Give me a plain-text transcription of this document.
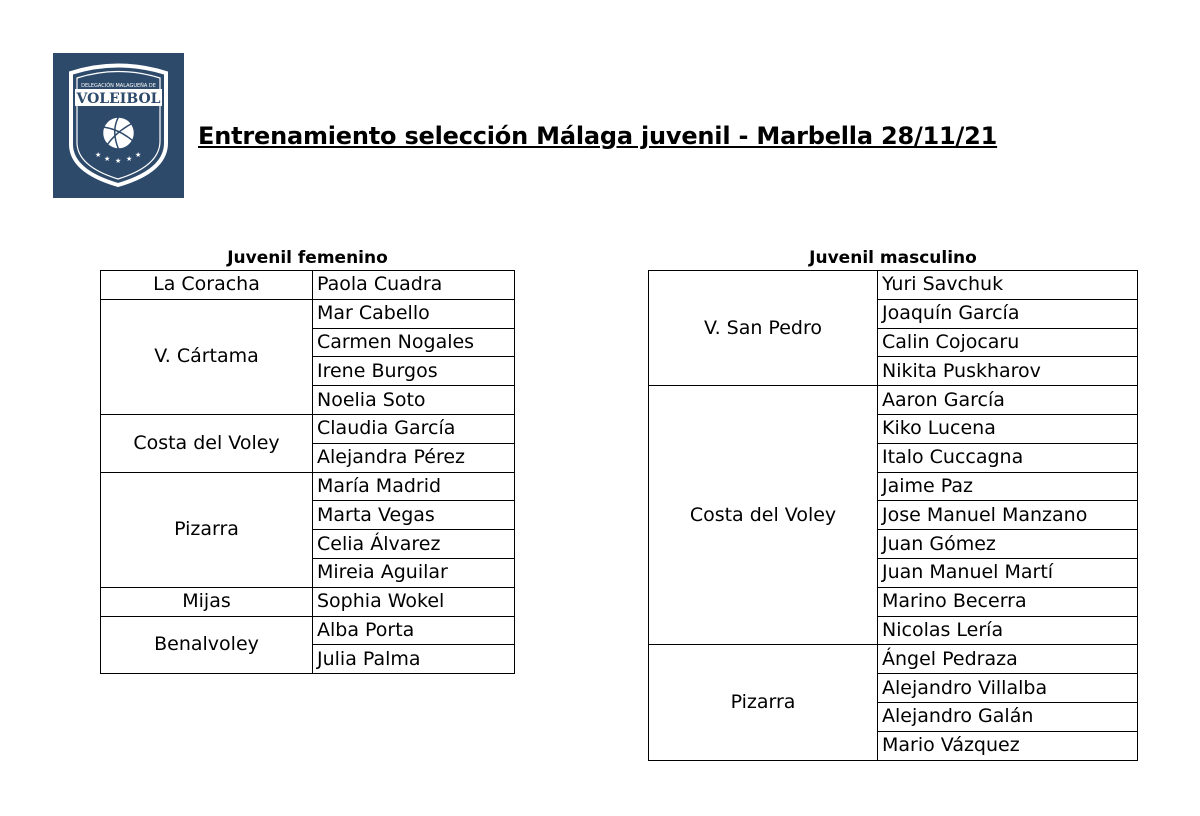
DELEGACIÓN MALAGUEÑA DE
VOLEIBOL
★ ★ ★ ★ ★
Entrenamiento selección Málaga juvenil - Marbella 28/11/21
Juvenil femenino
La Coracha	Paola Cuadra
V. Cártama	Mar Cabello
	Carmen Nogales
	Irene Burgos
	Noelia Soto
Costa del Voley	Claudia García
	Alejandra Pérez
Pizarra	María Madrid
	Marta Vegas
	Celia Álvarez
	Mireia Aguilar
Mijas	Sophia Wokel
Benalvoley	Alba Porta
	Julia Palma
Juvenil masculino
V. San Pedro	Yuri Savchuk
	Joaquín García
	Calin Cojocaru
	Nikita Puskharov
Costa del Voley	Aaron García
	Kiko Lucena
	Italo Cuccagna
	Jaime Paz
	Jose Manuel Manzano
	Juan Gómez
	Juan Manuel Martí
	Marino Becerra
	Nicolas Lería
Pizarra	Ángel Pedraza
	Alejandro Villalba
	Alejandro Galán
	Mario Vázquez
